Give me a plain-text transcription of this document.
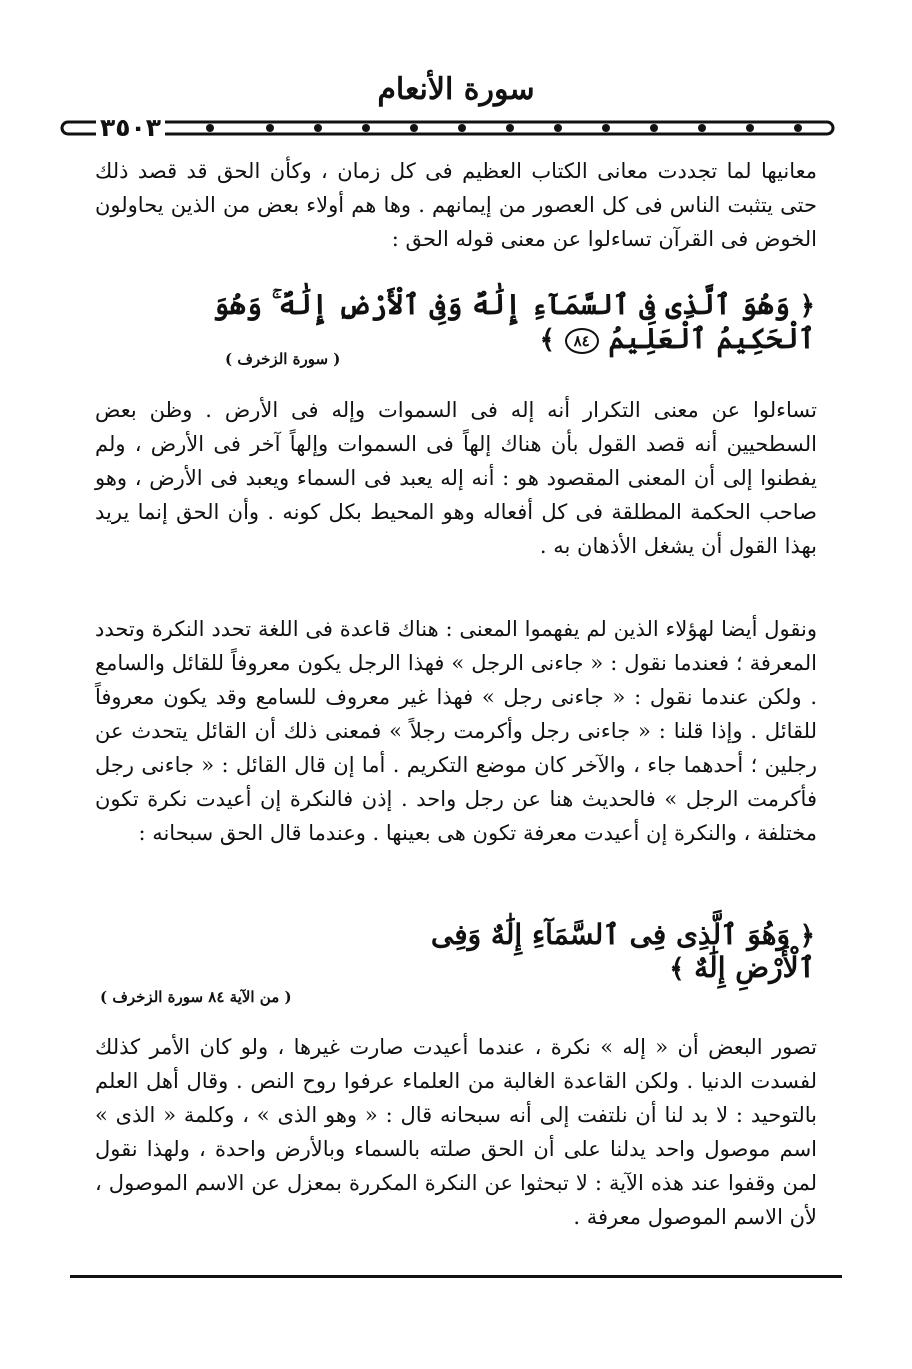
سورة الأنعام
٣٥٠٣
معانيها لما تجددت معانى الكتاب العظيم فى كل زمان ، وكأن الحق قد قصد ذلك حتى يتثبت الناس فى كل العصور من إيمانهم . وها هم أولاء بعض من الذين يحاولون الخوض فى القرآن تساءلوا عن معنى قوله الحق :
﴿ وَهُوَ ٱلَّذِى فِى ٱلسَّمَآءِ إِلَٰهٌ وَفِى ٱلْأَرْضِ إِلَٰهٌ ۚ وَهُوَ ٱلْحَكِيمُ ٱلْعَلِيمُ ٨٤ ﴾
( سورة الزخرف )
تساءلوا عن معنى التكرار أنه إله فى السموات وإله فى الأرض . وظن بعض السطحيين أنه قصد القول بأن هناك إلهاً فى السموات وإلهاً آخر فى الأرض ، ولم يفطنوا إلى أن المعنى المقصود هو : أنه إله يعبد فى السماء ويعبد فى الأرض ، وهو صاحب الحكمة المطلقة فى كل أفعاله وهو المحيط بكل كونه . وأن الحق إنما يريد بهذا القول أن يشغل الأذهان به .
ونقول أيضا لهؤلاء الذين لم يفهموا المعنى : هناك قاعدة فى اللغة تحدد النكرة وتحدد المعرفة ؛ فعندما نقول : « جاءنى الرجل » فهذا الرجل يكون معروفاً للقائل والسامع . ولكن عندما نقول : « جاءنى رجل » فهذا غير معروف للسامع وقد يكون معروفاً للقائل . وإذا قلنا : « جاءنى رجل وأكرمت رجلاً » فمعنى ذلك أن القائل يتحدث عن رجلين ؛ أحدهما جاء ، والآخر كان موضع التكريم . أما إن قال القائل : « جاءنى رجل فأكرمت الرجل » فالحديث هنا عن رجل واحد . إذن فالنكرة إن أعيدت نكرة تكون مختلفة ، والنكرة إن أعيدت معرفة تكون هى بعينها . وعندما قال الحق سبحانه :
﴿ وَهُوَ ٱلَّذِى فِى ٱلسَّمَآءِ إِلَٰهٌ وَفِى ٱلْأَرْضِ إِلَٰهٌ ﴾
( من الآية ٨٤ سورة الزخرف )
تصور البعض أن « إله » نكرة ، عندما أعيدت صارت غيرها ، ولو كان الأمر كذلك لفسدت الدنيا . ولكن القاعدة الغالبة من العلماء عرفوا روح النص . وقال أهل العلم بالتوحيد : لا بد لنا أن نلتفت إلى أنه سبحانه قال : « وهو الذى » ، وكلمة « الذى » اسم موصول واحد يدلنا على أن الحق صلته بالسماء وبالأرض واحدة ، ولهذا نقول لمن وقفوا عند هذه الآية : لا تبحثوا عن النكرة المكررة بمعزل عن الاسم الموصول ، لأن الاسم الموصول معرفة .
